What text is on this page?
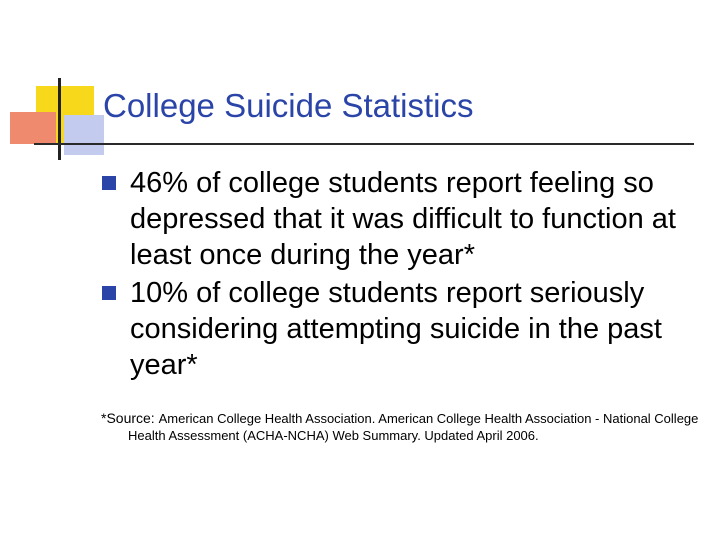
College Suicide Statistics
46% of college students report feeling so depressed that it was difficult to function at least once during the year*
10% of college students report seriously considering attempting suicide in the past year*
*Source: American College Health Association. American College Health Association - National College Health Assessment (ACHA-NCHA) Web Summary. Updated April 2006.
